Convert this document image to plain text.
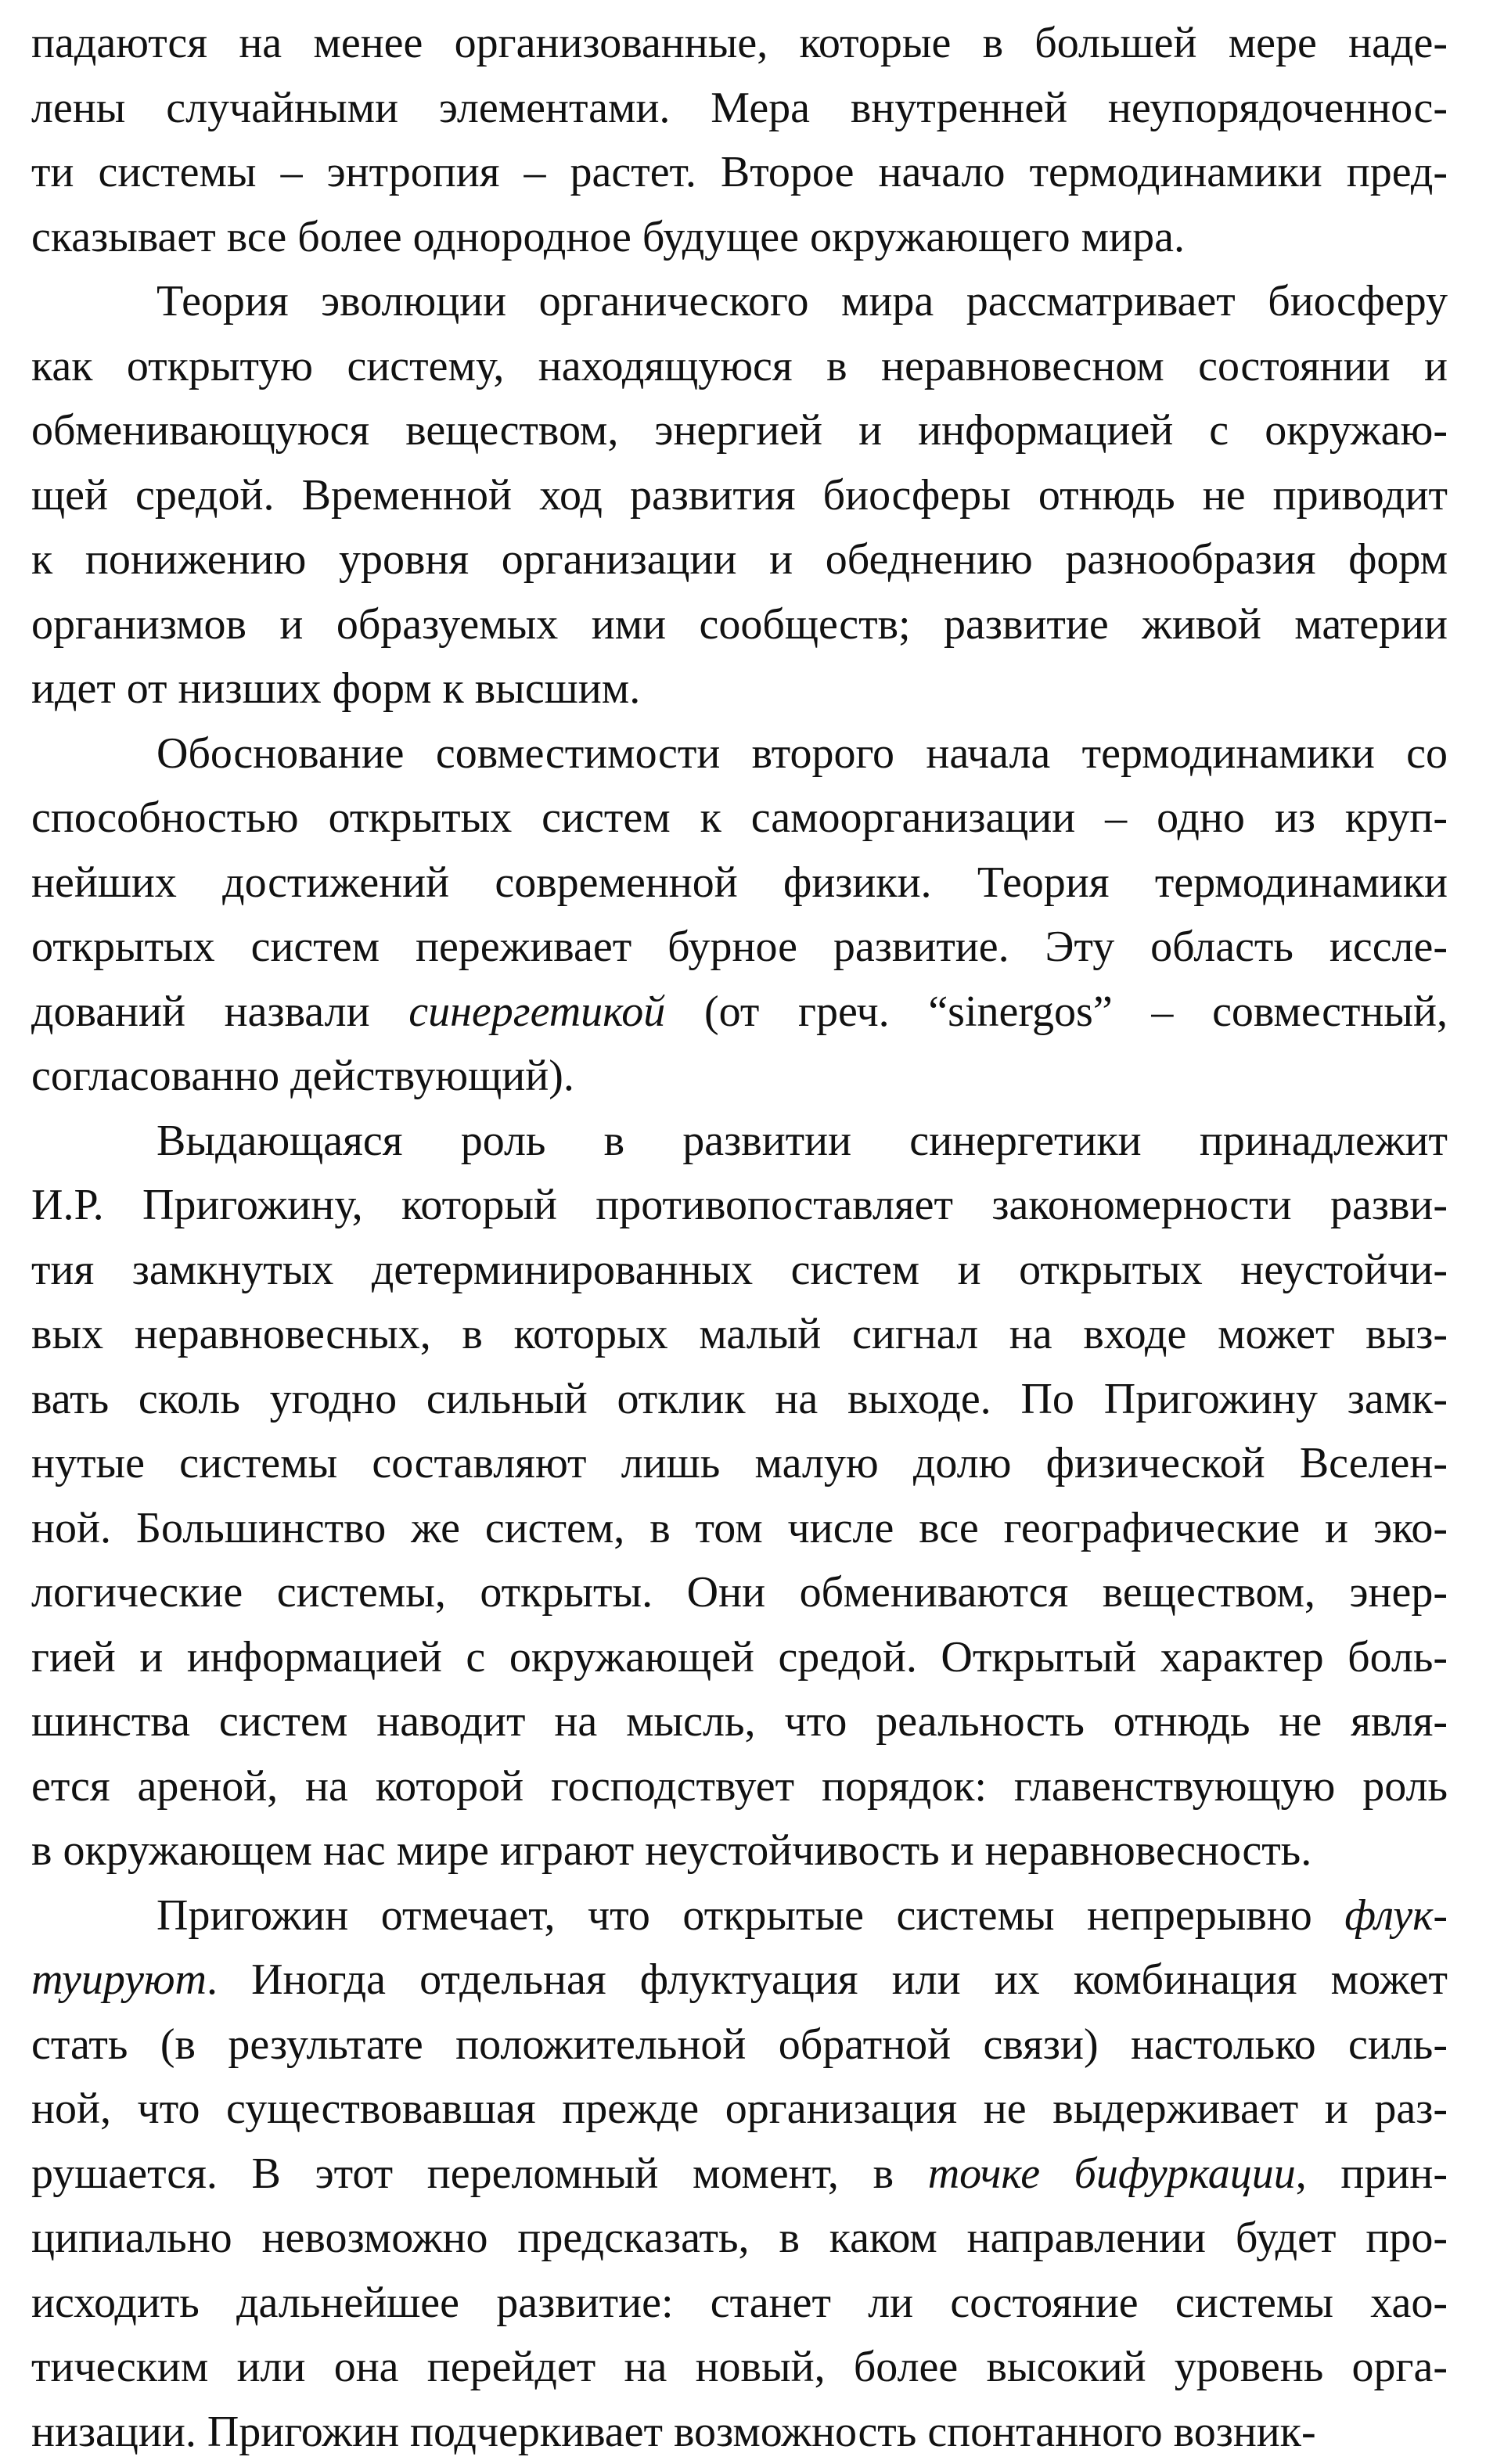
падаются на менее организованные, которые в большей мере наде-
лены случайными элементами. Мера внутренней неупорядоченнос-
ти системы – энтропия – растет. Второе начало термодинамики пред-
сказывает все более однородное будущее окружающего мира.
Теория эволюции органического мира рассматривает биосферу
как открытую систему, находящуюся в неравновесном состоянии и
обменивающуюся веществом, энергией и информацией с окружаю-
щей средой. Временной ход развития биосферы отнюдь не приводит
к понижению уровня организации и обеднению разнообразия форм
организмов и образуемых ими сообществ; развитие живой материи
идет от низших форм к высшим.
Обоснование совместимости второго начала термодинамики со
способностью открытых систем к самоорганизации – одно из круп-
нейших достижений современной физики. Теория термодинамики
открытых систем переживает бурное развитие. Эту область иссле-
дований назвали синергетикой (от греч. “sinergos” – совместный,
согласованно действующий).
Выдающаяся роль в развитии синергетики принадлежит
И.Р. Пригожину, который противопоставляет закономерности разви-
тия замкнутых детерминированных систем и открытых неустойчи-
вых неравновесных, в которых малый сигнал на входе может выз-
вать сколь угодно сильный отклик на выходе. По Пригожину замк-
нутые системы составляют лишь малую долю физической Вселен-
ной. Большинство же систем, в том числе все географические и эко-
логические системы, открыты. Они обмениваются веществом, энер-
гией и информацией с окружающей средой. Открытый характер боль-
шинства систем наводит на мысль, что реальность отнюдь не явля-
ется ареной, на которой господствует порядок: главенствующую роль
в окружающем нас мире играют неустойчивость и неравновесность.
Пригожин отмечает, что открытые системы непрерывно флук-
туируют. Иногда отдельная флуктуация или их комбинация может
стать (в результате положительной обратной связи) настолько силь-
ной, что существовавшая прежде организация не выдерживает и раз-
рушается. В этот переломный момент, в точке бифуркации, прин-
ципиально невозможно предсказать, в каком направлении будет про-
исходить дальнейшее развитие: станет ли состояние системы хао-
тическим или она перейдет на новый, более высокий уровень орга-
низации. Пригожин подчеркивает возможность спонтанного возник-
